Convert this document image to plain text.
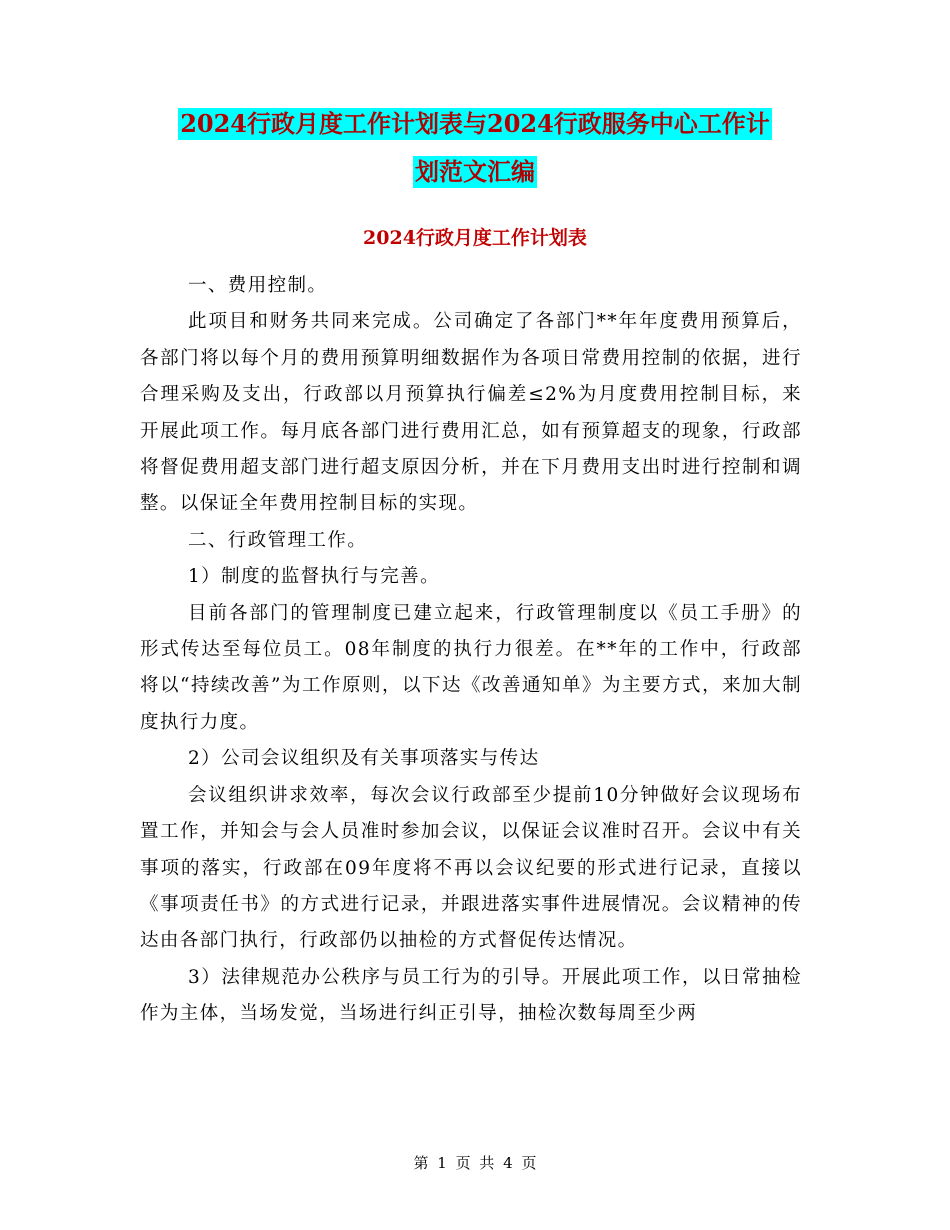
2024行政月度工作计划表与2024行政服务中心工作计
划范文汇编
2024行政月度工作计划表

一、费用控制。

此项目和财务共同来完成。公司确定了各部门**年年度费用预算后，各部门将以每个月的费用预算明细数据作为各项日常费用控制的依据，进行合理采购及支出，行政部以月预算执行偏差≤2%为月度费用控制目标，来开展此项工作。每月底各部门进行费用汇总，如有预算超支的现象，行政部将督促费用超支部门进行超支原因分析，并在下月费用支出时进行控制和调整。以保证全年费用控制目标的实现。

二、行政管理工作。

1）制度的监督执行与完善。

目前各部门的管理制度已建立起来，行政管理制度以《员工手册》的形式传达至每位员工。08年制度的执行力很差。在**年的工作中，行政部将以“持续改善”为工作原则，以下达《改善通知单》为主要方式，来加大制度执行力度。

2）公司会议组织及有关事项落实与传达

会议组织讲求效率，每次会议行政部至少提前10分钟做好会议现场布置工作，并知会与会人员准时参加会议，以保证会议准时召开。会议中有关事项的落实，行政部在09年度将不再以会议纪要的形式进行记录，直接以《事项责任书》的方式进行记录，并跟进落实事件进展情况。会议精神的传达由各部门执行，行政部仍以抽检的方式督促传达情况。

3）法律规范办公秩序与员工行为的引导。开展此项工作，以日常抽检作为主体，当场发觉，当场进行纠正引导，抽检次数每周至少两

第 1 页 共 4 页
